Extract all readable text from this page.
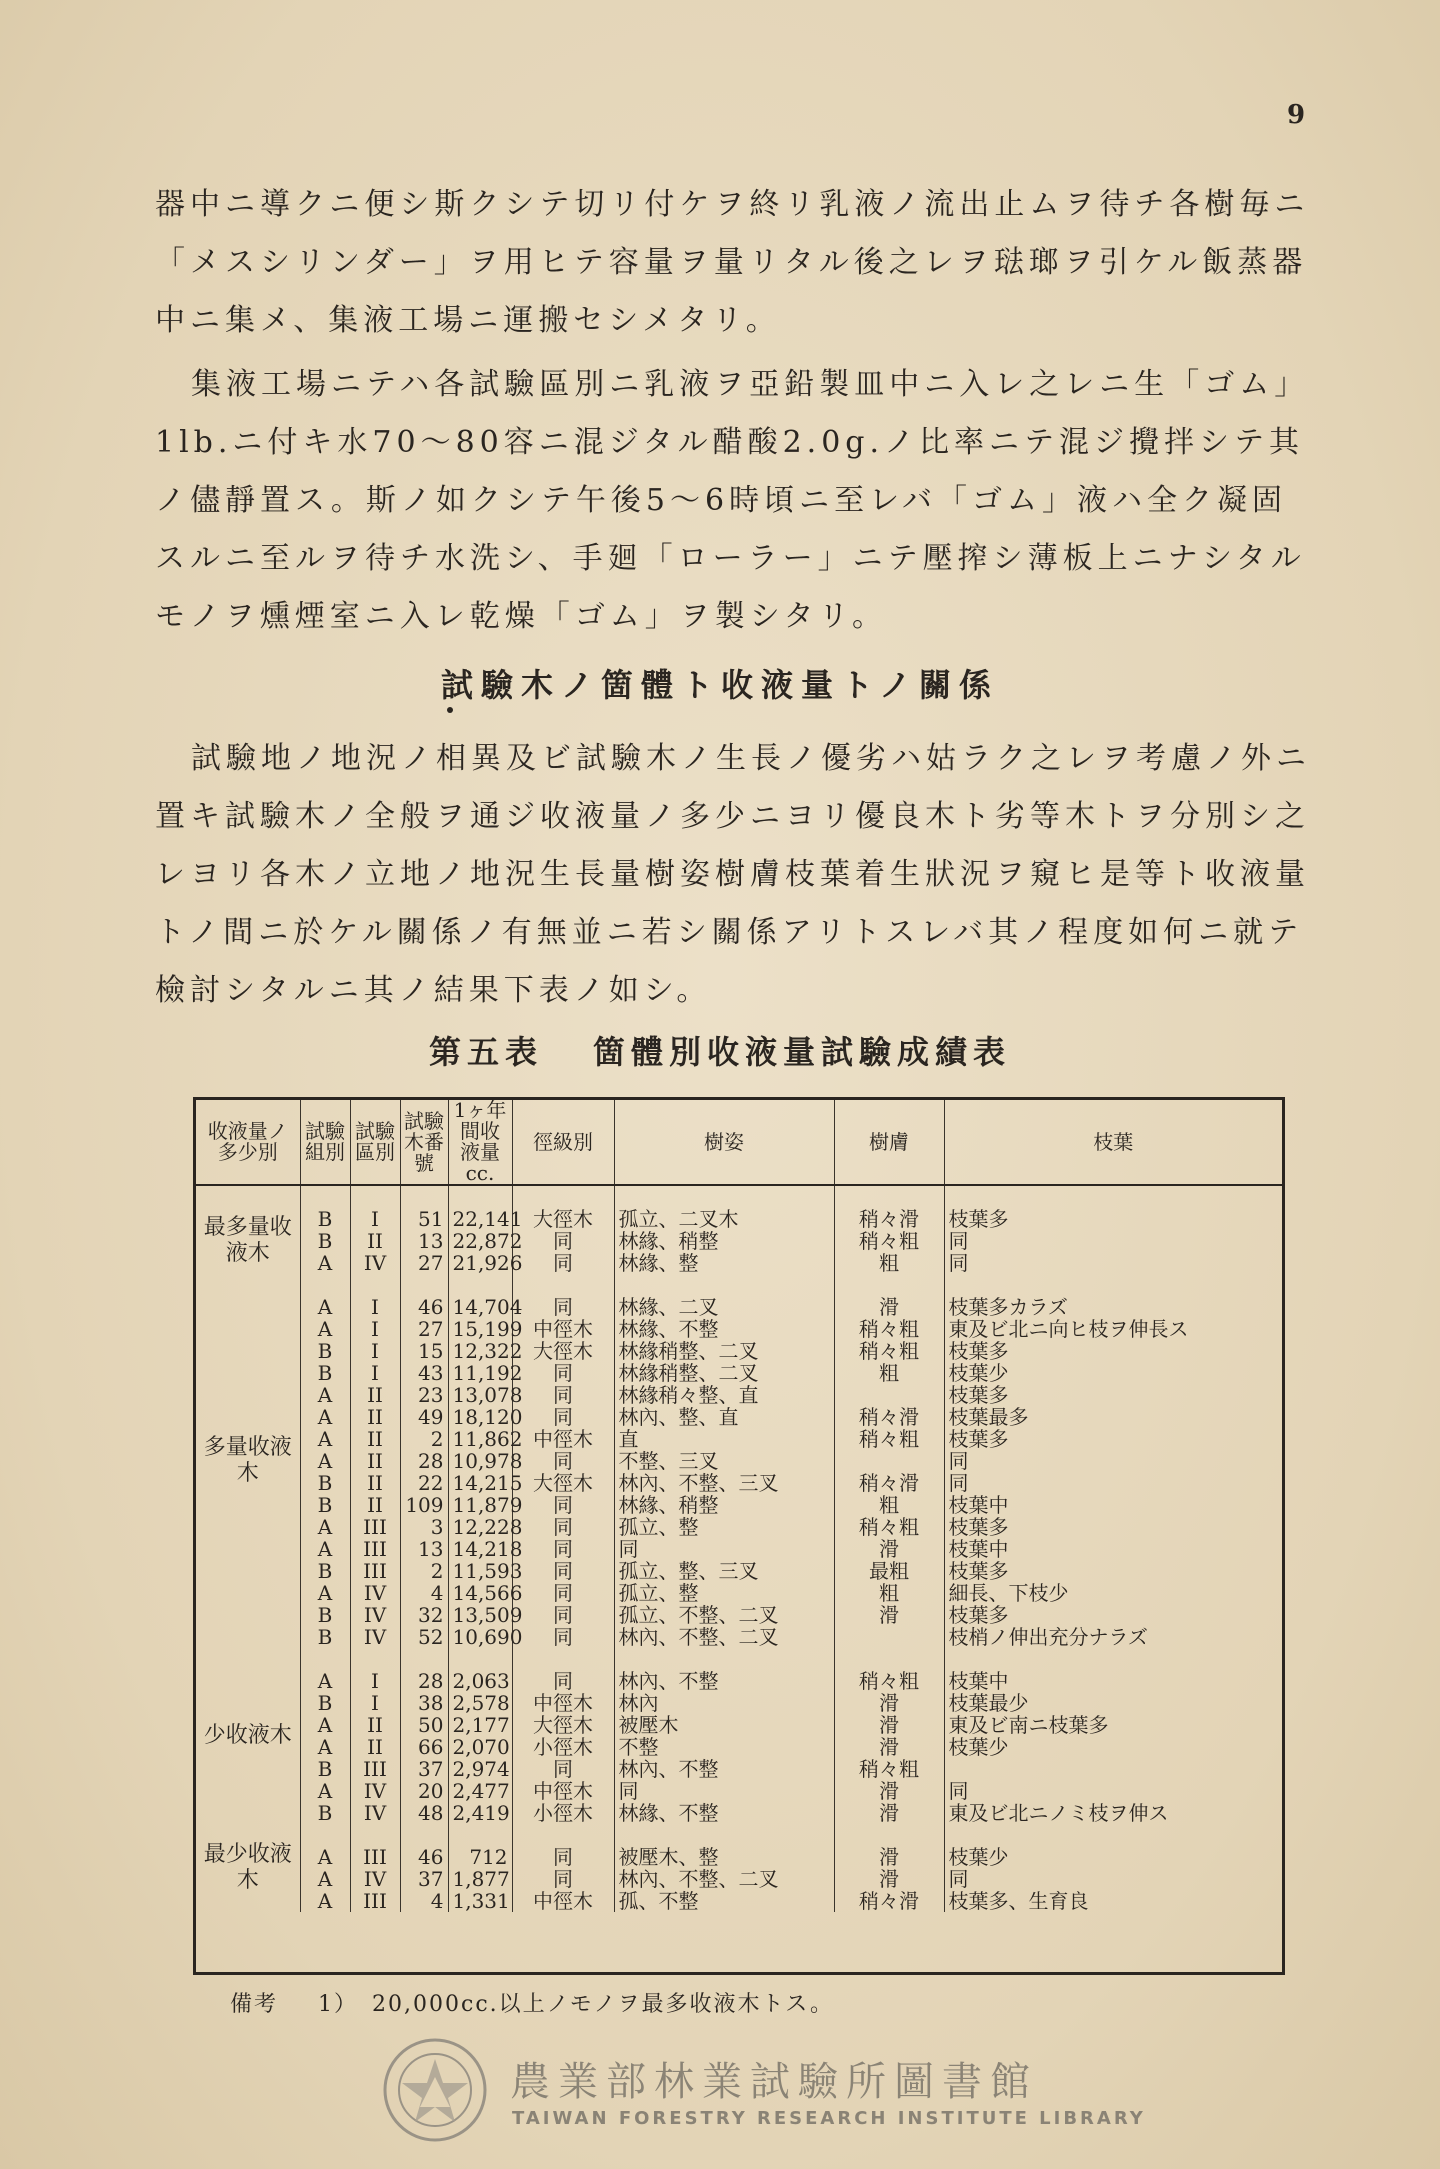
9

器中ニ導クニ便シ斯クシテ切リ付ケヲ終リ乳液ノ流出止ムヲ待チ各樹毎ニ「メスシリンダー」ヲ用ヒテ容量ヲ量リタル後之レヲ琺瑯ヲ引ケル飯蒸器中ニ集メ、集液工場ニ運搬セシメタリ。

集液工場ニテハ各試驗區別ニ乳液ヲ亞鉛製皿中ニ入レ之レニ生「ゴム」1lb.ニ付キ水70～80容ニ混ジタル醋酸2.0g.ノ比率ニテ混ジ攪拌シテ其ノ儘靜置ス。斯ノ如クシテ午後5～6時頃ニ至レバ「ゴム」液ハ全ク凝固スルニ至ルヲ待チ水洗シ、手廻「ローラー」ニテ壓搾シ薄板上ニナシタルモノヲ燻煙室ニ入レ乾燥「ゴム」ヲ製シタリ。

試驗木ノ箇體ト收液量トノ關係

試驗地ノ地況ノ相異及ビ試驗木ノ生長ノ優劣ハ姑ラク之レヲ考慮ノ外ニ置キ試驗木ノ全般ヲ通ジ收液量ノ多少ニヨリ優良木ト劣等木トヲ分別シ之レヨリ各木ノ立地ノ地況生長量樹姿樹膚枝葉着生狀況ヲ窺ヒ是等ト收液量トノ間ニ於ケル關係ノ有無並ニ若シ關係アリトスレバ其ノ程度如何ニ就テ檢討シタルニ其ノ結果下表ノ如シ。

第五表 箇體別收液量試驗成績表
收液量ノ多少別	試驗組別	試驗區別	試驗木番號	1ヶ年間收液量cc.	徑級別	樹姿	樹膚	枝葉

最多量收液木	B	I	51	22,141	大徑木	孤立、二叉木	稍々滑	枝葉多
	B	II	13	22,872	同	林緣、稍整	稍々粗	同
	A	IV	27	21,926	同	林緣、整	粗	同
多量收液木								
	A	I	46	14,704	同	林緣、二叉	滑	枝葉多カラズ
	A	I	27	15,199	中徑木	林緣、不整	稍々粗	東及ビ北ニ向ヒ枝ヲ伸長ス
	B	I	15	12,322	大徑木	林緣稍整、二叉	稍々粗	枝葉多
	B	I	43	11,192	同	林緣稍整、二叉	粗	枝葉少
	A	II	23	13,078	同	林緣稍々整、直		枝葉多
	A	II	49	18,120	同	林內、整、直	稍々滑	枝葉最多
	A	II	2	11,862	中徑木	直	稍々粗	枝葉多
	A	II	28	10,978	同	不整、三叉		同
	B	II	22	14,215	大徑木	林內、不整、三叉	稍々滑	同
	B	II	109	11,879	同	林緣、稍整	粗	枝葉中
	A	III	3	12,228	同	孤立、整	稍々粗	枝葉多
	A	III	13	14,218	同	同	滑	枝葉中
	B	III	2	11,593	同	孤立、整、三叉	最粗	枝葉多
	A	IV	4	14,566	同	孤立、整	粗	細長、下枝少
	B	IV	32	13,509	同	孤立、不整、二叉	滑	枝葉多
	B	IV	52	10,690	同	林內、不整、二叉		枝梢ノ伸出充分ナラズ
少收液木								
	A	I	28	2,063	同	林內、不整	稍々粗	枝葉中
	B	I	38	2,578	中徑木	林內	滑	枝葉最少
	A	II	50	2,177	大徑木	被壓木	滑	東及ビ南ニ枝葉多
	A	II	66	2,070	小徑木	不整	滑	枝葉少
	B	III	37	2,974	同	林內、不整	稍々粗	
	A	IV	20	2,477	中徑木	同	滑	同
	B	IV	48	2,419	小徑木	林緣、不整	滑	東及ビ北ニノミ枝ヲ伸ス
最少收液木								
	A	III	46	712	同	被壓木、整	滑	枝葉少
	A	IV	37	1,877	同	林內、不整、二叉	滑	同
	A	III	4	1,331	中徑木	孤、不整	稍々滑	枝葉多、生育良
備考 1） 20,000cc.以上ノモノヲ最多收液木トス。
農業部林業試驗所圖書館
TAIWAN FORESTRY RESEARCH INSTITUTE LIBRARY
